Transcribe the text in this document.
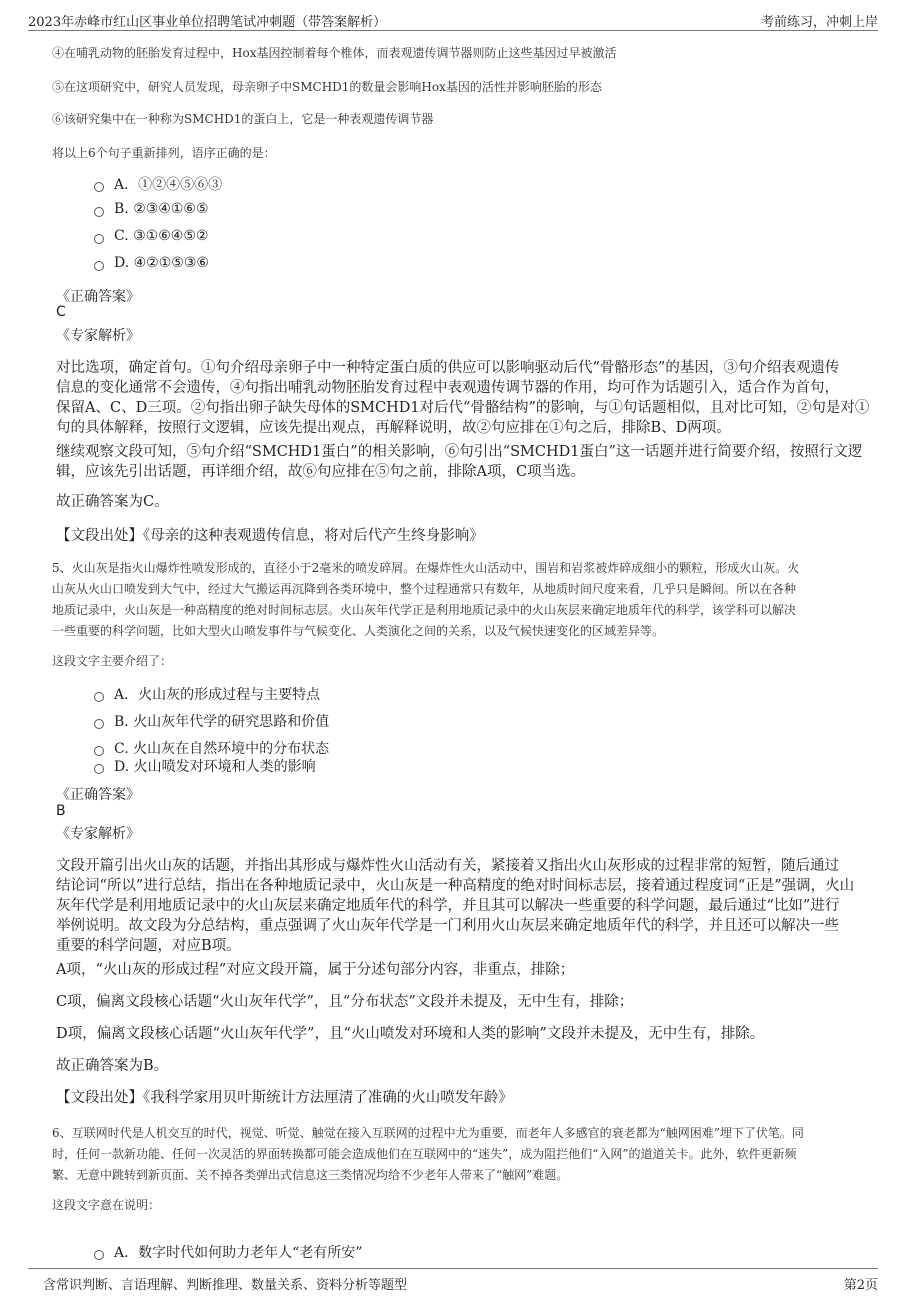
2023年赤峰市红山区事业单位招聘笔试冲刺题（带答案解析）	考前练习，冲刺上岸
④在哺乳动物的胚胎发育过程中，Hox基因控制着每个椎体，而表观遗传调节器则防止这些基因过早被激活
⑤在这项研究中，研究人员发现，母亲卵子中SMCHD1的数量会影响Hox基因的活性并影响胚胎的形态
⑥该研究集中在一种称为SMCHD1的蛋白上，它是一种表观遗传调节器
将以上6个句子重新排列，语序正确的是：
A．①②④⑤⑥③
B. ②③④①⑥⑤
C. ③①⑥④⑤②
D. ④②①⑤③⑥
《正确答案》
C
《专家解析》
对比选项，确定首句。①句介绍母亲卵子中一种特定蛋白质的供应可以影响驱动后代“骨骼形态”的基因，③句介绍表观遗传
信息的变化通常不会遗传，④句指出哺乳动物胚胎发育过程中表观遗传调节器的作用，均可作为话题引入，适合作为首句，
保留A、C、D三项。②句指出卵子缺失母体的SMCHD1对后代“骨骼结构”的影响，与①句话题相似，且对比可知，②句是对①
句的具体解释，按照行文逻辑，应该先提出观点，再解释说明，故②句应排在①句之后，排除B、D两项。
继续观察文段可知，⑤句介绍“SMCHD1蛋白”的相关影响，⑥句引出“SMCHD1蛋白”这一话题并进行简要介绍，按照行文逻
辑，应该先引出话题，再详细介绍，故⑥句应排在⑤句之前，排除A项，C项当选。
故正确答案为C。
【文段出处】《母亲的这种表观遗传信息，将对后代产生终身影响》
5、火山灰是指火山爆炸性喷发形成的，直径小于2毫米的喷发碎屑。在爆炸性火山活动中，围岩和岩浆被炸碎成细小的颗粒，形成火山灰。火
山灰从火山口喷发到大气中，经过大气搬运再沉降到各类环境中，整个过程通常只有数年，从地质时间尺度来看，几乎只是瞬间。所以在各种
地质记录中，火山灰是一种高精度的绝对时间标志层。火山灰年代学正是利用地质记录中的火山灰层来确定地质年代的科学，该学科可以解决
一些重要的科学问题，比如大型火山喷发事件与气候变化、人类演化之间的关系，以及气候快速变化的区域差异等。
这段文字主要介绍了：
A．火山灰的形成过程与主要特点
B. 火山灰年代学的研究思路和价值
C. 火山灰在自然环境中的分布状态
D. 火山喷发对环境和人类的影响
《正确答案》
B
《专家解析》
文段开篇引出火山灰的话题，并指出其形成与爆炸性火山活动有关，紧接着又指出火山灰形成的过程非常的短暂，随后通过
结论词“所以”进行总结，指出在各种地质记录中，火山灰是一种高精度的绝对时间标志层，接着通过程度词“正是”强调，火山
灰年代学是利用地质记录中的火山灰层来确定地质年代的科学，并且其可以解决一些重要的科学问题，最后通过“比如”进行
举例说明。故文段为分总结构，重点强调了火山灰年代学是一门利用火山灰层来确定地质年代的科学，并且还可以解决一些
重要的科学问题，对应B项。
A项，“火山灰的形成过程”对应文段开篇，属于分述句部分内容，非重点，排除；
C项，偏离文段核心话题“火山灰年代学”，且“分布状态”文段并未提及，无中生有，排除；
D项，偏离文段核心话题“火山灰年代学”，且“火山喷发对环境和人类的影响”文段并未提及，无中生有，排除。
故正确答案为B。
【文段出处】《我科学家用贝叶斯统计方法厘清了准确的火山喷发年龄》
6、互联网时代是人机交互的时代，视觉、听觉、触觉在接入互联网的过程中尤为重要，而老年人多感官的衰老都为“触网困难”埋下了伏笔。同
时，任何一款新功能、任何一次灵活的界面转换都可能会造成他们在互联网中的“迷失”，成为阻拦他们“入网”的道道关卡。此外，软件更新频
繁、无意中跳转到新页面、关不掉各类弹出式信息这三类情况均给不少老年人带来了“触网”难题。
这段文字意在说明：
A．数字时代如何助力老年人“老有所安”
含常识判断、言语理解、判断推理、数量关系、资料分析等题型	第2页
